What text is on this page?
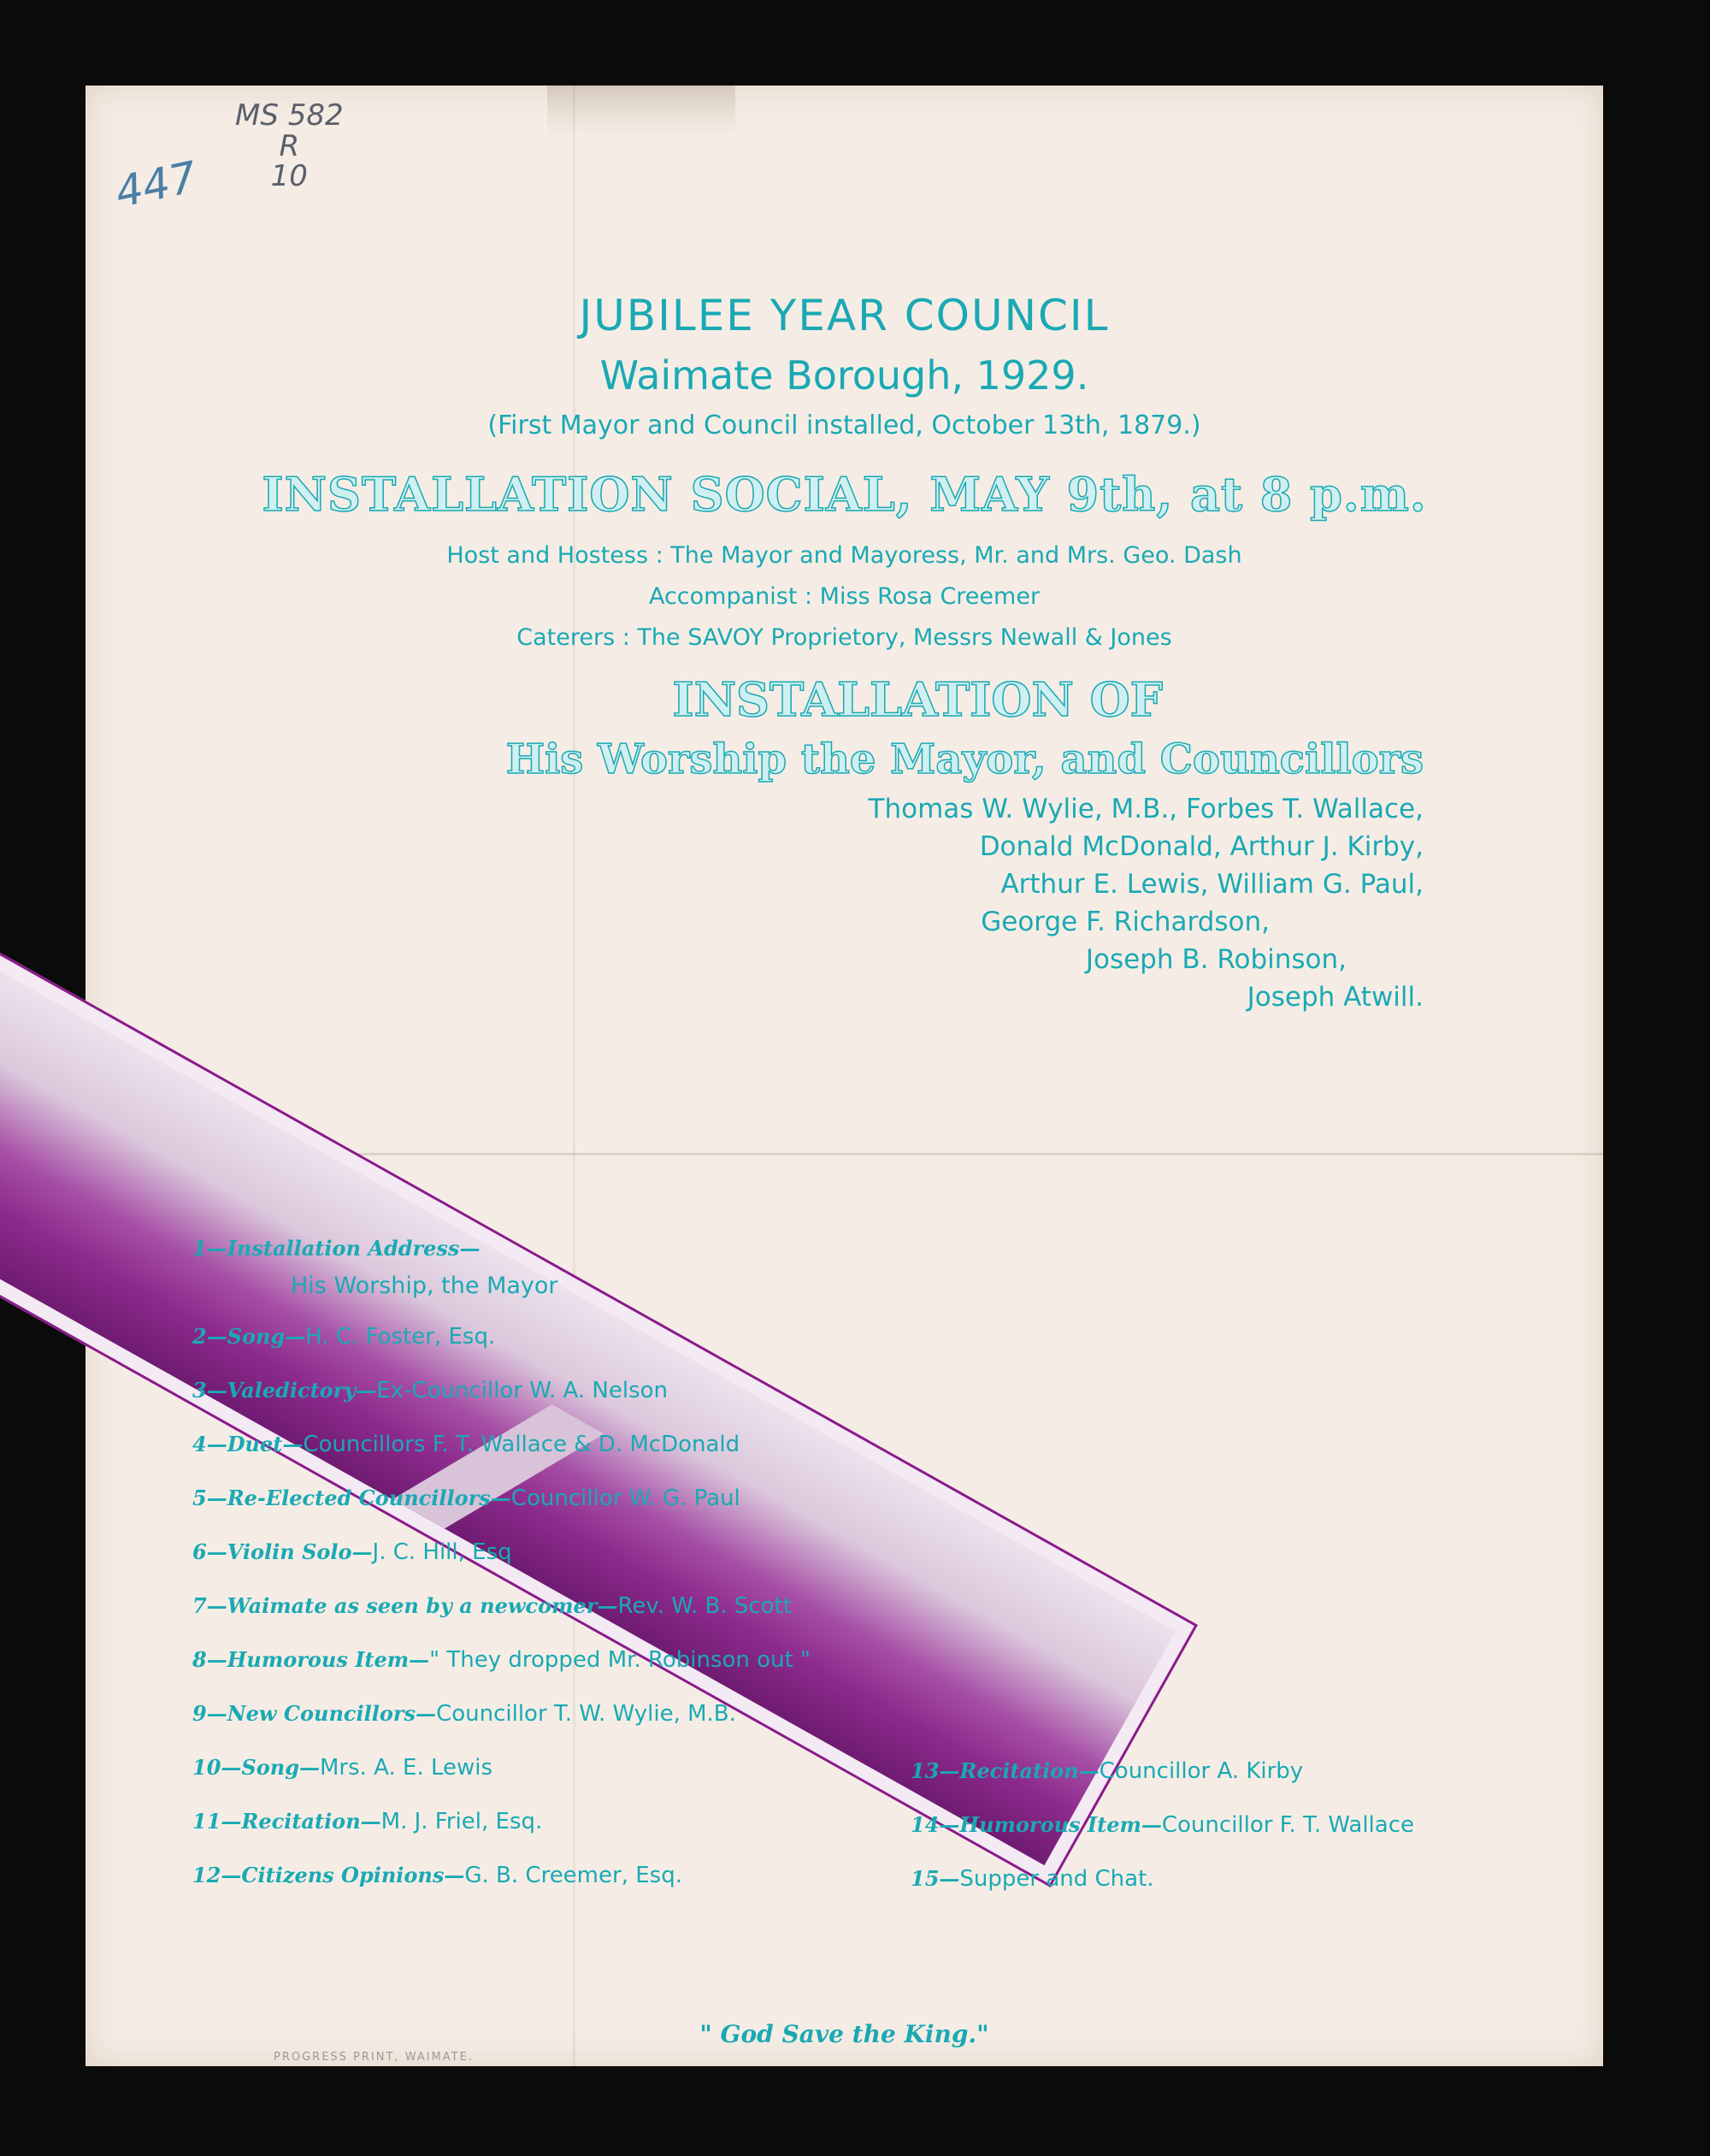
MS 582
R
10
447
JUBILEE YEAR COUNCIL
Waimate Borough, 1929.
(First Mayor and Council installed, October 13th, 1879.)
INSTALLATION SOCIAL, MAY 9th, at 8 p.m.
Host and Hostess : The Mayor and Mayoress, Mr. and Mrs. Geo. Dash
Accompanist : Miss Rosa Creemer
Caterers : The SAVOY Proprietory, Messrs Newall & Jones
INSTALLATION OF
His Worship the Mayor, and Councillors
Thomas W. Wylie, M.B., Forbes T. Wallace,
Donald McDonald, Arthur J. Kirby,
Arthur E. Lewis, William G. Paul,
George F. Richardson,
Joseph B. Robinson,
Joseph Atwill.
1—Installation Address—
His Worship, the Mayor
2—Song—H. C. Foster, Esq.
3—Valedictory—Ex-Councillor W. A. Nelson
4—Duet—Councillors F. T. Wallace & D. McDonald
5—Re-Elected Councillors—Councillor W. G. Paul
6—Violin Solo—J. C. Hill, Esq
7—Waimate as seen by a newcomer—Rev. W. B. Scott
8—Humorous Item—" They dropped Mr. Robinson out "
9—New Councillors—Councillor T. W. Wylie, M.B.
10—Song—Mrs. A. E. Lewis
11—Recitation—M. J. Friel, Esq.
12—Citizens Opinions—G. B. Creemer, Esq.
13—Recitation—Councillor A. Kirby
14—Humorous Item—Councillor F. T. Wallace
15—Supper and Chat.
" God Save the King."
PROGRESS PRINT, WAIMATE.
